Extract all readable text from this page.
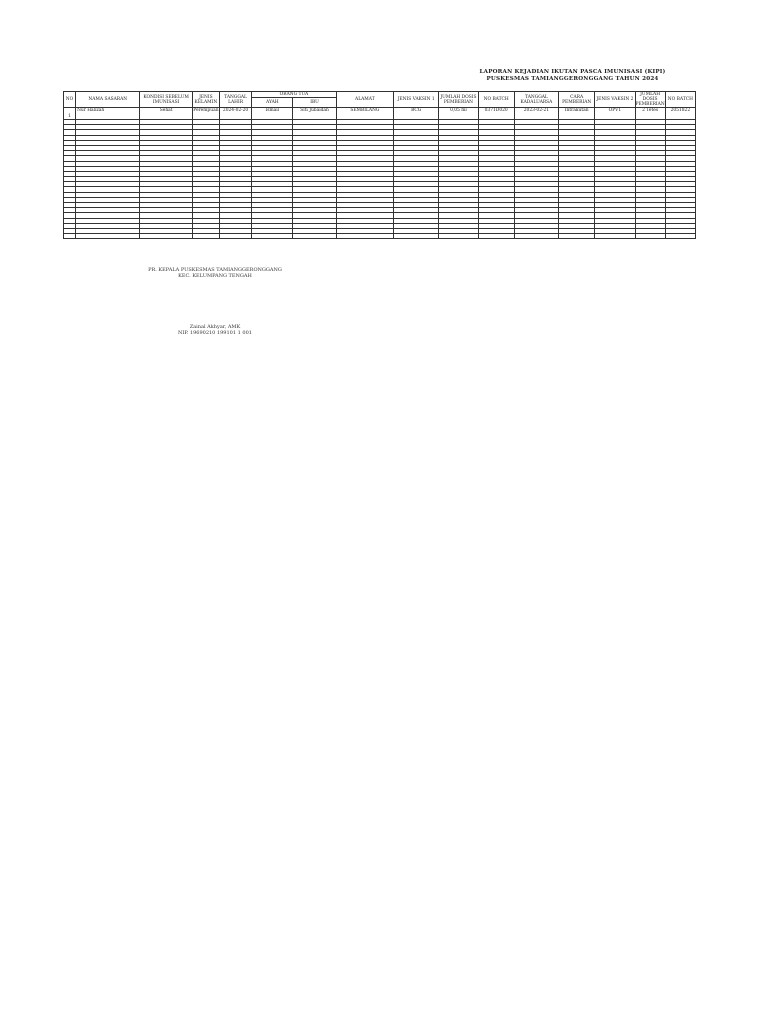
LAPORAN KEJADIAN IKUTAN PASCA IMUNISASI (KIPI)
PUSKESMAS TAMIANGGERONGGANG TAHUN 2024
NO	NAMA SASARAN	KONDISI SEBELUM IMUNISASI	JENIS KELAMIN	TANGGAL LAHIR	ORANG TUA		ALAMAT	JENIS VAKSIN 1	JUMLAH DOSIS PEMBERIAN	NO BATCH	TANGGAL KADALUARSA	CARA PEMBERIAN	JENIS VAKSIN 2	JUMLAH DOSIS PEMBERIAN	NO BATCH
					AYAH	IBU									
1	Nur Halizah	Sehat	Perempuan	2024-02-20	Ismail	Siti Jubaidah	SEMBILANG	BCG	0,05 ml	0371D020	2023-02-21	Intrakutan	OPV1	2 Tetes	2051822

PR. KEPALA PUSKESMAS TAMIANGGERONGGANG
KEC. KELUMPANG TENGAH
Zainal Akhyar, AMK
NIP. 19690210 199101 1 001
